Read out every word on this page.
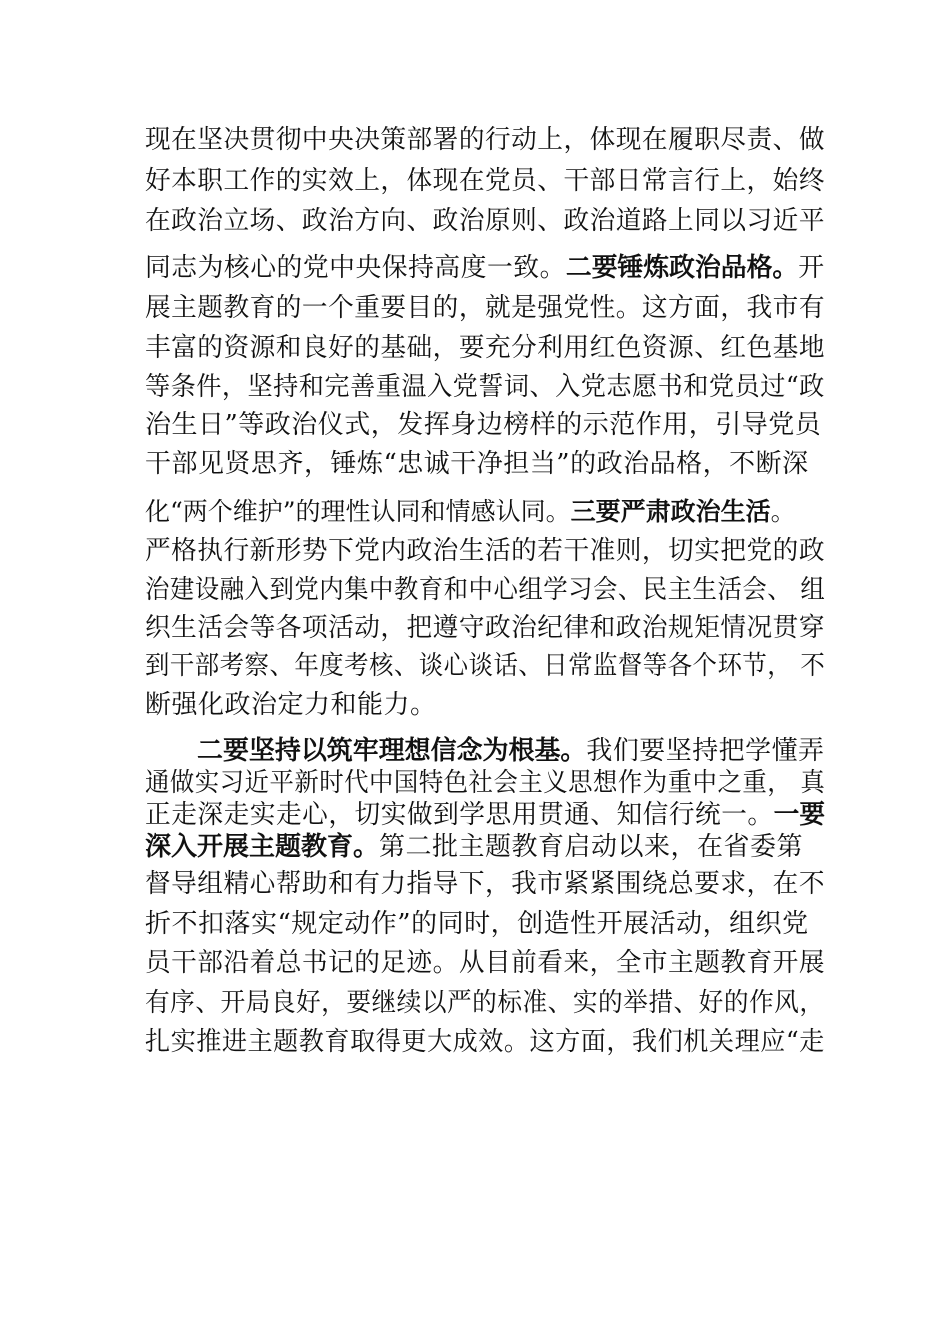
现在坚决贯彻中央决策部署的行动上，体现在履职尽责、做
好本职工作的实效上，体现在党员、干部日常言行上，始终
在政治立场、政治方向、政治原则、政治道路上同以习近平
同志为核心的党中央保持高度一致。二要锤炼政治品格。开
展主题教育的一个重要目的，就是强党性。这方面，我市有
丰富的资源和良好的基础，要充分利用红色资源、红色基地
等条件，坚持和完善重温入党誓词、入党志愿书和党员过“政
治生日”等政治仪式，发挥身边榜样的示范作用，引导党员
干部见贤思齐，锤炼“忠诚干净担当”的政治品格，不断深
化“两个维护”的理性认同和情感认同。三要严肃政治生活。
严格执行新形势下党内政治生活的若干准则，切实把党的政
治建设融入到党内集中教育和中心组学习会、民主生活会、 组
织生活会等各项活动，把遵守政治纪律和政治规矩情况贯穿
到干部考察、年度考核、谈心谈话、日常监督等各个环节， 不
断强化政治定力和能力。
二要坚持以筑牢理想信念为根基。我们要坚持把学懂弄
通做实习近平新时代中国特色社会主义思想作为重中之重， 真
正走深走实走心，切实做到学思用贯通、知信行统一。一要
深入开展主题教育。第二批主题教育启动以来，在省委第
督导组精心帮助和有力指导下，我市紧紧围绕总要求，在不
折不扣落实“规定动作”的同时，创造性开展活动，组织党
员干部沿着总书记的足迹。从目前看来，全市主题教育开展
有序、开局良好，要继续以严的标准、实的举措、好的作风，
扎实推进主题教育取得更大成效。这方面，我们机关理应“走
